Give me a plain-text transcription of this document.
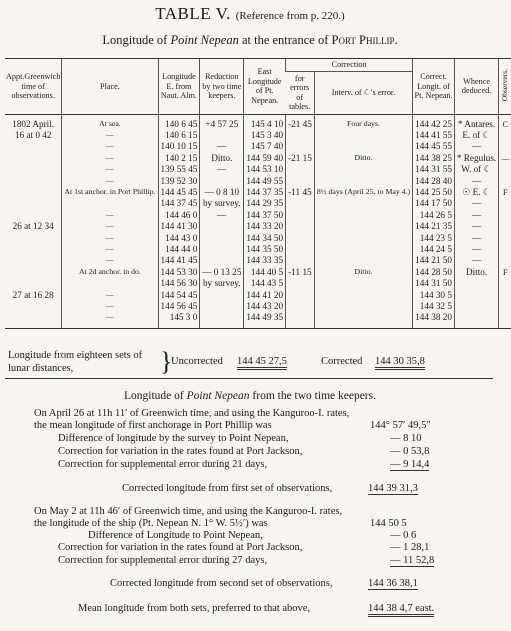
TABLE V. (Reference from p. 220.)
Longitude of Point Nepean at the entrance of Port Phillip.
Appt.Greenwich time of observations.	Place.	Longitude E. from Naut. Alm.	Reduction by two time keepers.	East Longitude of Pt. Nepean.	Correction		Correct. Longit. of Pt. Nepean.	Whence deduced.	Observers.
					for errors of tables.	Interv. of ☾'s error.			
1802 April.	At sea.	140 6 45	+4 57 25	145 4 10	-21 45	Four days.	144 42 25	* Antares.	C
16 at 0 42	—	140 6 15		145 3 40			144 41 55	E. of ☾	
	—	140 10 15	—	145 7 40			144 45 55	—	
	—	140 2 15	Ditto.	144 59 40	-21 15	Ditto.	144 38 25	* Regulus.	—
	—	139 55 45	—	144 53 10			144 31 55	W. of ☾	
	—	139 52 30		144 49 55			144 28 40	—	
	At 1st anchor. in Port Phillip.	144 45 45	— 0 8 10	144 37 35	-11 45	8½ days (April 25, to May 4.)	144 25 50	☉ E. ☾	F
		144 37 45	by survey.	144 29 35			144 17 50	—	
	—	144 46 0	—	144 37 50			144 26 5	—	
26 at 12 34	—	144 41 30		144 33 20			144 21 35	—	
	—	144 43 0		144 34 50			144 23 5	—	
	—	144 44 0		144 35 50			144 24 5	—	
	—	144 41 45		144 33 35			144 21 50	—	
	At 2d anchor. in do.	144 53 30	— 0 13 25	144 40 5	-11 15	Ditto.	144 28 50	Ditto.	F
		144 56 30	by survey.	144 43 5			144 31 50		
27 at 16 28	—	144 54 45		144 41 20			144 30 5		
	—	144 56 45		144 43 20			144 32 5		
	—	145 3 0		144 49 35			144 38 20		
Longitude from eighteen sets of lunar distances,	}
Uncorrected 144 45 27,5	Corrected 144 30 35,8
Longitude of Point Nepean from the two time keepers.
On April 26 at 11h 11′ of Greenwich time, and using the Kanguroo-I. rates, the mean longitude of first anchorage in Port Phillip was	144° 57′ 49,5″
Difference of longitude by the survey to Point Nepean,	— 8 10
Correction for variation in the rates found at Port Jackson,	— 0 53,8
Correction for supplemental error during 21 days,	— 9 14,4
Corrected longitude from first set of observations,	144 39 31,3
On May 2 at 11h 46′ of Greenwich time, and using the Kanguroo-I. rates, the longitude of the ship (Pt. Nepean N. 1° W. 5½′) was	144 50 5
Difference of Longitude to Point Nepean,	— 0 6
Correction for variation in the rates found at Port Jackson,	— 1 28,1
Correction for supplemental error during 27 days,	— 11 52,8
Corrected longitude from second set of observations,	144 36 38,1
Mean longitude from both sets, preferred to that above,	144 38 4,7 east.
